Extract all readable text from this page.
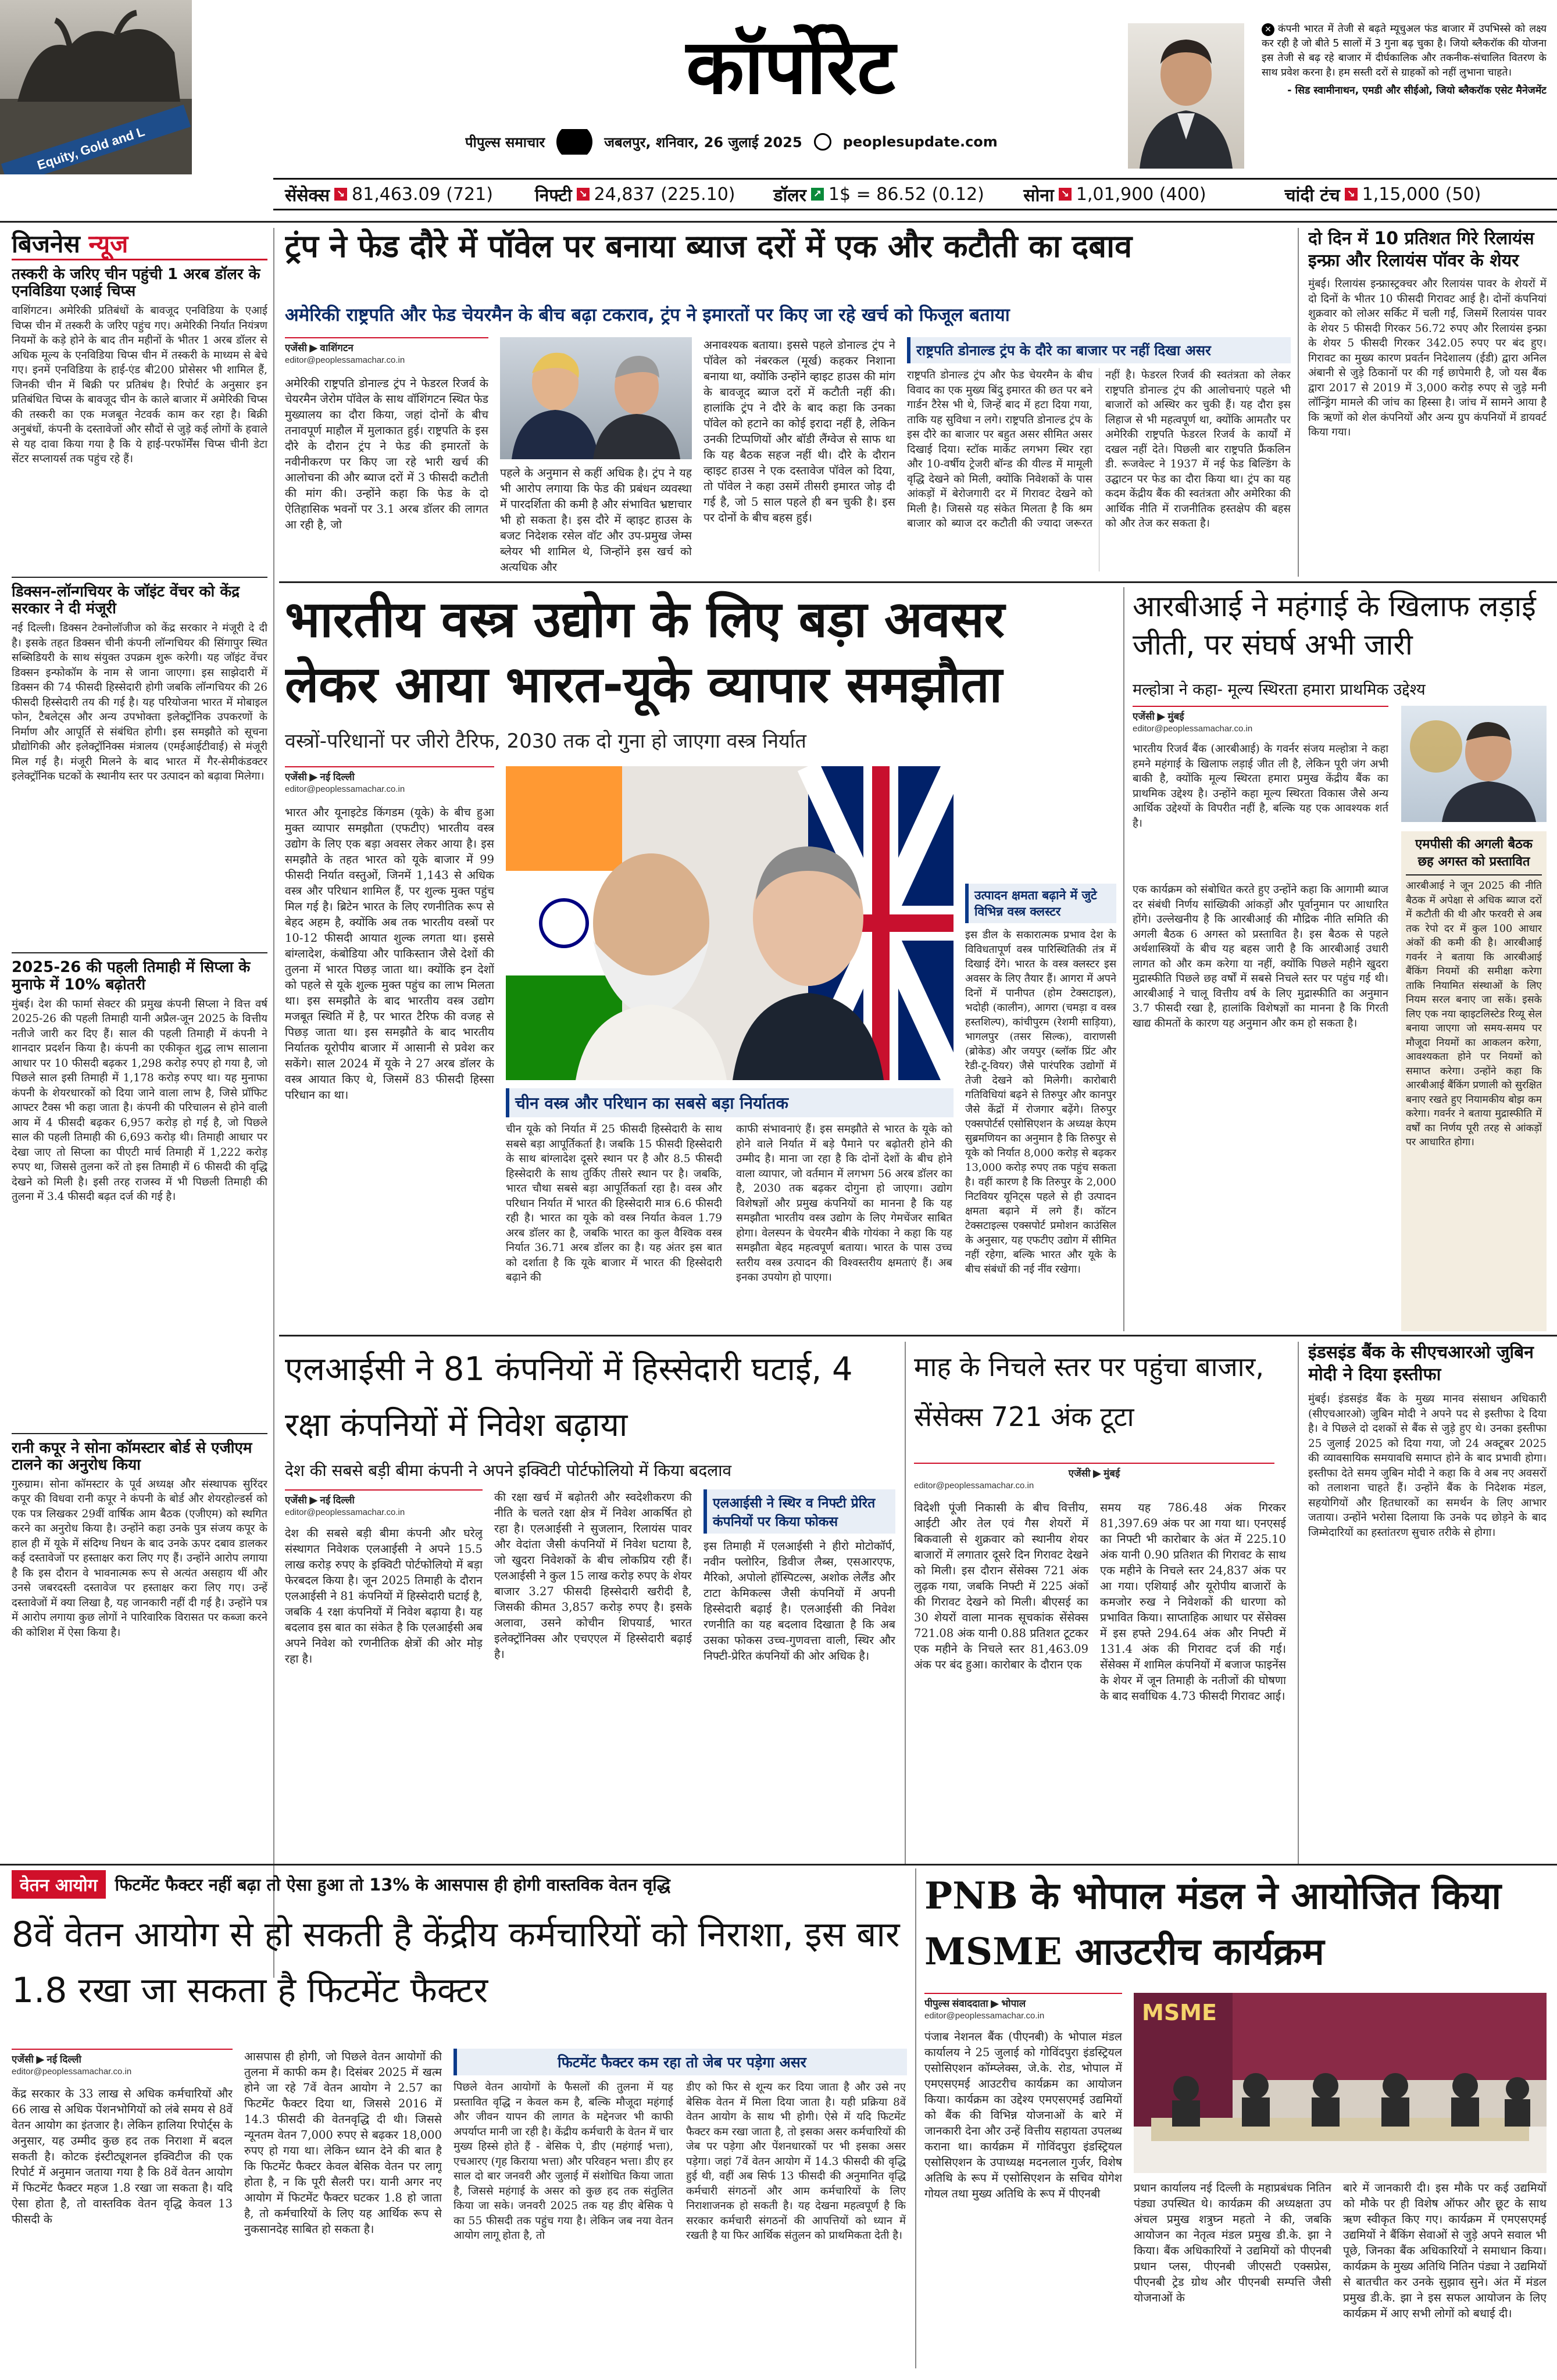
Equity, Gold and L
कॉर्पोरेट
पीपुल्स समाचार	जबलपुर, शनिवार, 26 जुलाई 2025	peoplesupdate.com
✕ कंपनी भारत में तेजी से बढ़ते म्यूचुअल फंड बाजार में उपभिस्से को लक्ष्य कर रही है जो बीते 5 सालों में 3 गुना बढ़ चुका है। जियो ब्लैकरॉक की योजना इस तेजी से बढ़ रहे बाजार में दीर्घकालिक और तकनीक-संचालित वितरण के साथ प्रवेश करना है। हम सस्ती दरों से ग्राहकों को नहीं लुभाना चाहते।
- सिड स्वामीनाथन, एमडी और सीईओ, जियो ब्लैकरॉक एसेट मैनेजमेंट
सेंसेक्स ↘ 81,463.09 (721) निफ्टी ↘ 24,837 (225.10) डॉलर ↗ 1$ = 86.52 (0.12) सोना ↘ 1,01,900 (400)	चांदी टंच ↘ 1,15,000 (50)
बिजनेस न्यूज
तस्करी के जरिए चीन पहुंची 1 अरब डॉलर के एनविडिया एआई चिप्स
वाशिंगटन। अमेरिकी प्रतिबंधों के बावजूद एनविडिया के एआई चिप्स चीन में तस्करी के जरिए पहुंच गए। अमेरिकी निर्यात नियंत्रण नियमों के कड़े होने के बाद तीन महीनों के भीतर 1 अरब डॉलर से अधिक मूल्य के एनविडिया चिप्स चीन में तस्करी के माध्यम से बेचे गए। इनमें एनविडिया के हाई-एंड बी200 प्रोसेसर भी शामिल हैं, जिनकी चीन में बिक्री पर प्रतिबंध है। रिपोर्ट के अनुसार इन प्रतिबंधित चिप्स के बावजूद चीन के काले बाजार में अमेरिकी चिप्स की तस्करी का एक मजबूत नेटवर्क काम कर रहा है। बिक्री अनुबंधों, कंपनी के दस्तावेजों और सौदों से जुड़े कई लोगों के हवाले से यह दावा किया गया है कि ये हाई-परफॉर्मेंस चिप्स चीनी डेटा सेंटर सप्लायर्स तक पहुंच रहे हैं।
डिक्सन-लॉन्गचियर के जॉइंट वेंचर को केंद्र सरकार ने दी मंजूरी
नई दिल्ली। डिक्सन टेक्नोलॉजीज को केंद्र सरकार ने मंजूरी दे दी है। इसके तहत डिक्सन चीनी कंपनी लॉन्गचियर की सिंगापुर स्थित सब्सिडियरी के साथ संयुक्त उपक्रम शुरू करेगी। यह जॉइंट वेंचर डिक्सन इन्फोकॉम के नाम से जाना जाएगा। इस साझेदारी में डिक्सन की 74 फीसदी हिस्सेदारी होगी जबकि लॉन्गचियर की 26 फीसदी हिस्सेदारी तय की गई है। यह परियोजना भारत में मोबाइल फोन, टैबलेट्स और अन्य उपभोक्ता इलेक्ट्रॉनिक उपकरणों के निर्माण और आपूर्ति से संबंधित होगी। इस समझौते को सूचना प्रौद्योगिकी और इलेक्ट्रॉनिक्स मंत्रालय (एमईआईटीवाई) से मंजूरी मिल गई है। मंजूरी मिलने के बाद भारत में गैर-सेमीकंडक्टर इलेक्ट्रॉनिक घटकों के स्थानीय स्तर पर उत्पादन को बढ़ावा मिलेगा।
2025-26 की पहली तिमाही में सिप्ला के मुनाफे में 10% बढ़ोतरी
मुंबई। देश की फार्मा सेक्टर की प्रमुख कंपनी सिप्ला ने वित्त वर्ष 2025-26 की पहली तिमाही यानी अप्रैल-जून 2025 के वित्तीय नतीजे जारी कर दिए हैं। साल की पहली तिमाही में कंपनी ने शानदार प्रदर्शन किया है। कंपनी का एकीकृत शुद्ध लाभ सालाना आधार पर 10 फीसदी बढ़कर 1,298 करोड़ रुपए हो गया है, जो पिछले साल इसी तिमाही में 1,178 करोड़ रुपए था। यह मुनाफा कंपनी के शेयरधारकों को दिया जाने वाला लाभ है, जिसे प्रॉफिट आफ्टर टैक्स भी कहा जाता है। कंपनी की परिचालन से होने वाली आय में 4 फीसदी बढ़कर 6,957 करोड़ हो गई है, जो पिछले साल की पहली तिमाही की 6,693 करोड़ थी। तिमाही आधार पर देखा जाए तो सिप्ला का पीएटी मार्च तिमाही में 1,222 करोड़ रुपए था, जिससे तुलना करें तो इस तिमाही में 6 फीसदी की वृद्धि देखने को मिली है। इसी तरह राजस्व में भी पिछली तिमाही की तुलना में 3.4 फीसदी बढ़त दर्ज की गई है।
रानी कपूर ने सोना कॉमस्टार बोर्ड से एजीएम टालने का अनुरोध किया
गुरुग्राम। सोना कॉमस्टार के पूर्व अध्यक्ष और संस्थापक सुरिंदर कपूर की विधवा रानी कपूर ने कंपनी के बोर्ड और शेयरहोल्डर्स को एक पत्र लिखकर 29वीं वार्षिक आम बैठक (एजीएम) को स्थगित करने का अनुरोध किया है। उन्होंने कहा उनके पुत्र संजय कपूर के हाल ही में यूके में संदिग्ध निधन के बाद उनके ऊपर दबाव डालकर कई दस्तावेजों पर हस्ताक्षर करा लिए गए हैं। उन्होंने आरोप लगाया है कि इस दौरान वे भावनात्मक रूप से अत्यंत असहाय थीं और उनसे जबरदस्ती दस्तावेज पर हस्ताक्षर करा लिए गए। उन्हें दस्तावेजों में क्या लिखा है, यह जानकारी नहीं दी गई है। उन्होंने पत्र में आरोप लगाया कुछ लोगों ने पारिवारिक विरासत पर कब्जा करने की कोशिश में ऐसा किया है।
ट्रंप ने फेड दौरे में पॉवेल पर बनाया ब्याज दरों में एक और कटौती का दबाव
अमेरिकी राष्ट्रपति और फेड चेयरमैन के बीच बढ़ा टकराव, ट्रंप ने इमारतों पर किए जा रहे खर्च को फिजूल बताया
एजेंसी ▶ वाशिंगटन
editor@peoplessamachar.co.in
अमेरिकी राष्ट्रपति डोनाल्ड ट्रंप ने फेडरल रिजर्व के चेयरमैन जेरोम पॉवेल के साथ वॉशिंगटन स्थित फेड मुख्यालय का दौरा किया, जहां दोनों के बीच तनावपूर्ण माहौल में मुलाकात हुई। राष्ट्रपति के इस दौरे के दौरान ट्रंप ने फेड की इमारतों के नवीनीकरण पर किए जा रहे भारी खर्च की आलोचना की और ब्याज दरों में 3 फीसदी कटौती की मांग की। उन्होंने कहा कि फेड के दो ऐतिहासिक भवनों पर 3.1 अरब डॉलर की लागत आ रही है, जो
पहले के अनुमान से कहीं अधिक है। ट्रंप ने यह भी आरोप लगाया कि फेड की प्रबंधन व्यवस्था में पारदर्शिता की कमी है और संभावित भ्रष्टाचार भी हो सकता है। इस दौरे में व्हाइट हाउस के बजट निदेशक रसेल वॉट और उप-प्रमुख जेम्स ब्लेयर भी शामिल थे, जिन्होंने इस खर्च को अत्यधिक और
अनावश्यक बताया। इससे पहले डोनाल्ड ट्रंप ने पॉवेल को नंबरकल (मूर्ख) कहकर निशाना बनाया था, क्योंकि उन्होंने व्हाइट हाउस की मांग के बावजूद ब्याज दरों में कटौती नहीं की। हालांकि ट्रंप ने दौरे के बाद कहा कि उनका पॉवेल को हटाने का कोई इरादा नहीं है, लेकिन उनकी टिप्पणियों और बॉडी लैंग्वेज से साफ था कि यह बैठक सहज नहीं थी। दौरे के दौरान व्हाइट हाउस ने एक दस्तावेज पॉवेल को दिया, तो पॉवेल ने कहा उसमें तीसरी इमारत जोड़ दी गई है, जो 5 साल पहले ही बन चुकी है। इस पर दोनों के बीच बहस हुई।
राष्ट्रपति डोनाल्ड ट्रंप के दौरे का बाजार पर नहीं दिखा असर
राष्ट्रपति डोनाल्ड ट्रंप और फेड चेयरमैन के बीच विवाद का एक मुख्य बिंदु इमारत की छत पर बने गार्डन टैरेस भी थे, जिन्हें बाद में हटा दिया गया, ताकि यह सुविधा न लगे। राष्ट्रपति डोनाल्ड ट्रंप के इस दौरे का बाजार पर बहुत असर सीमित असर दिखाई दिया। स्टॉक मार्केट लगभग स्थिर रहा और 10-वर्षीय ट्रेजरी बॉन्ड की यील्ड में मामूली वृद्धि देखने को मिली, क्योंकि निवेशकों के पास आंकड़ों में बेरोजगारी दर में गिरावट देखने को मिली है। जिससे यह संकेत मिलता है कि श्रम बाजार को ब्याज दर कटौती की ज्यादा जरूरत नहीं है। फेडरल रिजर्व की स्वतंत्रता को लेकर राष्ट्रपति डोनाल्ड ट्रंप की आलोचनाएं पहले भी बाजारों को अस्थिर कर चुकी हैं। यह दौरा इस लिहाज से भी महत्वपूर्ण था, क्योंकि आमतौर पर अमेरिकी राष्ट्रपति फेडरल रिजर्व के कार्यों में दखल नहीं देते। पिछली बार राष्ट्रपति फ्रैंकलिन डी. रूजवेल्ट ने 1937 में नई फेड बिल्डिंग के उद्घाटन पर फेड का दौरा किया था। ट्रंप का यह कदम केंद्रीय बैंक की स्वतंत्रता और अमेरिका की आर्थिक नीति में राजनीतिक हस्तक्षेप की बहस को और तेज कर सकता है।
दो दिन में 10 प्रतिशत गिरे रिलायंस इन्फ्रा और रिलायंस पॉवर के शेयर
मुंबई। रिलायंस इन्फ्रास्ट्रक्चर और रिलायंस पावर के शेयरों में दो दिनों के भीतर 10 फीसदी गिरावट आई है। दोनों कंपनियां शुक्रवार को लोअर सर्किट में चली गईं, जिसमें रिलायंस पावर के शेयर 5 फीसदी गिरकर 56.72 रुपए और रिलायंस इन्फ्रा के शेयर 5 फीसदी गिरकर 342.05 रुपए पर बंद हुए। गिरावट का मुख्य कारण प्रवर्तन निदेशालय (ईडी) द्वारा अनिल अंबानी से जुड़े ठिकानों पर की गई छापेमारी है, जो यस बैंक द्वारा 2017 से 2019 में 3,000 करोड़ रुपए से जुड़े मनी लॉन्ड्रिंग मामले की जांच का हिस्सा है। जांच में सामने आया है कि ऋणों को शेल कंपनियों और अन्य ग्रुप कंपनियों में डायवर्ट किया गया।
भारतीय वस्त्र उद्योग के लिए बड़ा अवसर लेकर आया भारत-यूके व्यापार समझौता
वस्त्रों-परिधानों पर जीरो टैरिफ, 2030 तक दो गुना हो जाएगा वस्त्र निर्यात
एजेंसी ▶ नई दिल्ली
editor@peoplessamachar.co.in
भारत और यूनाइटेड किंगडम (यूके) के बीच हुआ मुक्त व्यापार समझौता (एफटीए) भारतीय वस्त्र उद्योग के लिए एक बड़ा अवसर लेकर आया है। इस समझौते के तहत भारत को यूके बाजार में 99 फीसदी निर्यात वस्तुओं, जिनमें 1,143 से अधिक वस्त्र और परिधान शामिल हैं, पर शुल्क मुक्त पहुंच मिल गई है। ब्रिटेन भारत के लिए रणनीतिक रूप से बेहद अहम है, क्योंकि अब तक भारतीय वस्त्रों पर 10-12 फीसदी आयात शुल्क लगता था। इससे बांग्लादेश, कंबोडिया और पाकिस्तान जैसे देशों की तुलना में भारत पिछड़ जाता था। क्योंकि इन देशों को पहले से यूके शुल्क मुक्त पहुंच का लाभ मिलता था। इस समझौते के बाद भारतीय वस्त्र उद्योग मजबूत स्थिति में है, पर भारत टैरिफ की वजह से पिछड़ जाता था। इस समझौते के बाद भारतीय निर्यातक यूरोपीय बाजार में आसानी से प्रवेश कर सकेंगे। साल 2024 में यूके ने 27 अरब डॉलर के वस्त्र आयात किए थे, जिसमें 83 फीसदी हिस्सा परिधान का था।	चीन वस्त्र और परिधान का सबसे बड़ा निर्यातक
चीन यूके को निर्यात में 25 फीसदी हिस्सेदारी के साथ सबसे बड़ा आपूर्तिकर्ता है। जबकि 15 फीसदी हिस्सेदारी के साथ बांग्लादेश दूसरे स्थान पर है और 8.5 फीसदी हिस्सेदारी के साथ तुर्किए तीसरे स्थान पर है। जबकि, भारत चौथा सबसे बड़ा आपूर्तिकर्ता रहा है। वस्त्र और परिधान निर्यात में भारत की हिस्सेदारी मात्र 6.6 फीसदी रही है। भारत का यूके को वस्त्र निर्यात केवल 1.79 अरब डॉलर का है, जबकि भारत का कुल वैश्विक वस्त्र निर्यात 36.71 अरब डॉलर का है। यह अंतर इस बात को दर्शाता है कि यूके बाजार में भारत की हिस्सेदारी बढ़ाने की
काफी संभावनाएं हैं। इस समझौते से भारत के यूके को होने वाले निर्यात में बड़े पैमाने पर बढ़ोतरी होने की उम्मीद है। माना जा रहा है कि दोनों देशों के बीच होने वाला व्यापार, जो वर्तमान में लगभग 56 अरब डॉलर का है, 2030 तक बढ़कर दोगुना हो जाएगा। उद्योग विशेषज्ञों और प्रमुख कंपनियों का मानना है कि यह समझौता भारतीय वस्त्र उद्योग के लिए गेमचेंजर साबित होगा। वेलस्पन के चेयरमैन बीके गोयंका ने कहा कि यह समझौता बेहद महत्वपूर्ण बताया। भारत के पास उच्च स्तरीय वस्त्र उत्पादन की विश्वस्तरीय क्षमताएं हैं। अब इनका उपयोग हो पाएगा।
उत्पादन क्षमता बढ़ाने में जुटे विभिन्न वस्त्र क्लस्टर
इस डील के सकारात्मक प्रभाव देश के विविधतापूर्ण वस्त्र पारिस्थितिकी तंत्र में दिखाई देंगे। भारत के वस्त्र क्लस्टर इस अवसर के लिए तैयार हैं। आगरा में अपने दिनों में पानीपत (होम टेक्सटाइल), भदोही (कालीन), आगरा (चमड़ा व वस्त्र हस्तशिल्प), कांचीपुरम (रेशमी साड़िया), भागलपुर (तसर सिल्क), वाराणसी (ब्रोकेड) और जयपुर (ब्लॉक प्रिंट और रेडी-टू-वियर) जैसे पारंपरिक उद्योगों में तेजी देखने को मिलेगी। कारोबारी गतिविधियां बढ़ने से तिरुपुर और कानपुर जैसे केंद्रों में रोजगार बढ़ेंगे। तिरुपुर एक्सपोर्टर्स एसोसिएशन के अध्यक्ष केएम सुब्रमणियन का अनुमान है कि तिरुपुर से यूके को निर्यात 8,000 करोड़ से बढ़कर 13,000 करोड़ रुपए तक पहुंच सकता है। वहीं कारण है कि तिरुपुर के 2,000 निटवियर यूनिट्स पहले से ही उत्पादन क्षमता बढ़ाने में लगे हैं। कॉटन टेक्सटाइल्स एक्सपोर्ट प्रमोशन काउंसिल के अनुसार, यह एफटीए उद्योग में सीमित नहीं रहेगा, बल्कि भारत और यूके के बीच संबंधों की नई नींव रखेगा।
आरबीआई ने महंगाई के खिलाफ लड़ाई जीती, पर संघर्ष अभी जारी
मल्होत्रा ने कहा- मूल्य स्थिरता हमारा प्राथमिक उद्देश्य
एजेंसी ▶ मुंबई
editor@peoplessamachar.co.in
भारतीय रिजर्व बैंक (आरबीआई) के गवर्नर संजय मल्होत्रा ने कहा हमने महंगाई के खिलाफ लड़ाई जीत ली है, लेकिन पूरी जंग अभी बाकी है, क्योंकि मूल्य स्थिरता हमारा प्रमुख केंद्रीय बैंक का प्राथमिक उद्देश्य है। उन्होंने कहा मूल्य स्थिरता विकास जैसे अन्य आर्थिक उद्देश्यों के विपरीत नहीं है, बल्कि यह एक आवश्यक शर्त है।
एमपीसी की अगली बैठक छह अगस्त को प्रस्तावित
आरबीआई ने जून 2025 की नीति बैठक में अपेक्षा से अधिक ब्याज दरों में कटौती की थी और फरवरी से अब तक रेपो दर में कुल 100 आधार अंकों की कमी की है। आरबीआई गवर्नर ने बताया कि आरबीआई बैंकिंग नियमों की समीक्षा करेगा ताकि नियामित संस्थाओं के लिए नियम सरल बनाए जा सकें। इसके लिए एक नया व्हाइटलिस्टेड रिव्यू सेल बनाया जाएगा जो समय-समय पर मौजूदा नियमों का आकलन करेगा, आवश्यकता होने पर नियमों को समाप्त करेगा। उन्होंने कहा कि आरबीआई बैंकिंग प्रणाली को सुरक्षित बनाए रखते हुए नियामकीय बोझ कम करेगा। गवर्नर ने बताया मुद्रास्फीति में वर्षों का निर्णय पूरी तरह से आंकड़ों पर आधारित होगा।
एक कार्यक्रम को संबोधित करते हुए उन्होंने कहा कि आगामी ब्याज दर संबंधी निर्णय सांख्यिकी आंकड़ों और पूर्वानुमान पर आधारित होंगे। उल्लेखनीय है कि आरबीआई की मौद्रिक नीति समिति की अगली बैठक 6 अगस्त को प्रस्तावित है। इस बैठक से पहले अर्थशास्त्रियों के बीच यह बहस जारी है कि आरबीआई उधारी लागत को और कम करेगा या नहीं, क्योंकि पिछले महीने खुदरा मुद्रास्फीति पिछले छह वर्षों में सबसे निचले स्तर पर पहुंच गई थी। आरबीआई ने चालू वित्तीय वर्ष के लिए मुद्रास्फीति का अनुमान 3.7 फीसदी रखा है, हालांकि विशेषज्ञों का मानना है कि गिरती खाद्य कीमतों के कारण यह अनुमान और कम हो सकता है।
एलआईसी ने 81 कंपनियों में हिस्सेदारी घटाई, 4 रक्षा कंपनियों में निवेश बढ़ाया
देश की सबसे बड़ी बीमा कंपनी ने अपने इक्विटी पोर्टफोलियो में किया बदलाव
एजेंसी ▶ नई दिल्ली
editor@peoplessamachar.co.in
देश की सबसे बड़ी बीमा कंपनी और घरेलू संस्थागत निवेशक एलआईसी ने अपने 15.5 लाख करोड़ रुपए के इक्विटी पोर्टफोलियो में बड़ा फेरबदल किया है। जून 2025 तिमाही के दौरान एलआईसी ने 81 कंपनियों में हिस्सेदारी घटाई है, जबकि 4 रक्षा कंपनियों में निवेश बढ़ाया है। यह बदलाव इस बात का संकेत है कि एलआईसी अब अपने निवेश को रणनीतिक क्षेत्रों की ओर मोड़ रहा है।
की रक्षा खर्च में बढ़ोतरी और स्वदेशीकरण की नीति के चलते रक्षा क्षेत्र में निवेश आकर्षित हो रहा है। एलआईसी ने सुजलान, रिलायंस पावर और वेदांता जैसी कंपनियों में निवेश घटाया है, जो खुदरा निवेशकों के बीच लोकप्रिय रही हैं। एलआईसी ने कुल 15 लाख करोड़ रुपए के शेयर बाजार 3.27 फीसदी हिस्सेदारी खरीदी है, जिसकी कीमत 3,857 करोड़ रुपए है। इसके अलावा, उसने कोचीन शिपयार्ड, भारत इलेक्ट्रॉनिक्स और एचएएल में हिस्सेदारी बढ़ाई है।
एलआईसी ने स्थिर व निफ्टी प्रेरित कंपनियों पर किया फोकस
इस तिमाही में एलआईसी ने हीरो मोटोकॉर्प, नवीन फ्लोरिन, डिवीज लैब्स, एसआरएफ, मैरिको, अपोलो हॉस्पिटल्स, अशोक लेलैंड और टाटा केमिकल्स जैसी कंपनियों में अपनी हिस्सेदारी बढ़ाई है। एलआईसी की निवेश रणनीति का यह बदलाव दिखाता है कि अब उसका फोकस उच्च-गुणवत्ता वाली, स्थिर और निफ्टी-प्रेरित कंपनियों की ओर अधिक है।
माह के निचले स्तर पर पहुंचा बाजार, सेंसेक्स 721 अंक टूटा
एजेंसी ▶ मुंबई
editor@peoplessamachar.co.in
विदेशी पूंजी निकासी के बीच वित्तीय, आईटी और तेल एवं गैस शेयरों में बिकवाली से शुक्रवार को स्थानीय शेयर बाजारों में लगातार दूसरे दिन गिरावट देखने को मिली। इस दौरान सेंसेक्स 721 अंक लुढ़क गया, जबकि निफ्टी में 225 अंकों की गिरावट देखने को मिली। बीएसई का 30 शेयरों वाला मानक सूचकांक सेंसेक्स 721.08 अंक यानी 0.88 प्रतिशत टूटकर एक महीने के निचले स्तर 81,463.09 अंक पर बंद हुआ। कारोबार के दौरान एक
समय यह 786.48 अंक गिरकर 81,397.69 अंक पर आ गया था। एनएसई का निफ्टी भी कारोबार के अंत में 225.10 अंक यानी 0.90 प्रतिशत की गिरावट के साथ एक महीने के निचले स्तर 24,837 अंक पर आ गया। एशियाई और यूरोपीय बाजारों के कमजोर रुख ने निवेशकों की धारणा को प्रभावित किया। साप्ताहिक आधार पर सेंसेक्स में इस हफ्ते 294.64 अंक और निफ्टी में 131.4 अंक की गिरावट दर्ज की गई। सेंसेक्स में शामिल कंपनियों में बजाज फाइनेंस के शेयर में जून तिमाही के नतीजों की घोषणा के बाद सर्वाधिक 4.73 फीसदी गिरावट आई।
इंडसइंड बैंक के सीएचआरओ जुबिन मोदी ने दिया इस्तीफा
मुंबई। इंडसइंड बैंक के मुख्य मानव संसाधन अधिकारी (सीएचआरओ) जुबिन मोदी ने अपने पद से इस्तीफा दे दिया है। वे पिछले दो दशकों से बैंक से जुड़े हुए थे। उनका इस्तीफा 25 जुलाई 2025 को दिया गया, जो 24 अक्टूबर 2025 की व्यावसायिक समयावधि समाप्त होने के बाद प्रभावी होगा। इस्तीफा देते समय जुबिन मोदी ने कहा कि वे अब नए अवसरों को तलाशना चाहते हैं। उन्होंने बैंक के निदेशक मंडल, सहयोगियों और हितधारकों का समर्थन के लिए आभार जताया। उन्होंने भरोसा दिलाया कि उनके पद छोड़ने के बाद जिम्मेदारियों का हस्तांतरण सुचारु तरीके से होगा।
वेतन आयोग	फिटमेंट फैक्टर नहीं बढ़ा तो ऐसा हुआ तो 13% के आसपास ही होगी वास्तविक वेतन वृद्धि
8वें वेतन आयोग से हो सकती है केंद्रीय कर्मचारियों को निराशा, इस बार 1.8 रखा जा सकता है फिटमेंट फैक्टर
एजेंसी ▶ नई दिल्ली
editor@peoplessamachar.co.in
केंद्र सरकार के 33 लाख से अधिक कर्मचारियों और 66 लाख से अधिक पेंशनभोगियों को लंबे समय से 8वें वेतन आयोग का इंतजार है। लेकिन हालिया रिपोर्ट्स के अनुसार, यह उम्मीद कुछ हद तक निराशा में बदल सकती है। कोटक इंस्टीट्यूशनल इक्विटीज की एक रिपोर्ट में अनुमान जताया गया है कि 8वें वेतन आयोग में फिटमेंट फैक्टर महज 1.8 रखा जा सकता है। यदि ऐसा होता है, तो वास्तविक वेतन वृद्धि केवल 13 फीसदी के
आसपास ही होगी, जो पिछले वेतन आयोगों की तुलना में काफी कम है। दिसंबर 2025 में खत्म होने जा रहे 7वें वेतन आयोग ने 2.57 का फिटमेंट फैक्टर दिया था, जिससे 2016 में 14.3 फीसदी की वेतनवृद्धि दी थी। जिससे न्यूनतम वेतन 7,000 रुपए से बढ़कर 18,000 रुपए हो गया था। लेकिन ध्यान देने की बात है कि फिटमेंट फैक्टर केवल बेसिक वेतन पर लागू होता है, न कि पूरी सैलरी पर। यानी अगर नए आयोग में फिटमेंट फैक्टर घटकर 1.8 हो जाता है, तो कर्मचारियों के लिए यह आर्थिक रूप से नुकसानदेह साबित हो सकता है।
फिटमेंट फैक्टर कम रहा तो जेब पर पड़ेगा असर
पिछले वेतन आयोगों के फैसलों की तुलना में यह प्रस्तावित वृद्धि न केवल कम है, बल्कि मौजूदा महंगाई और जीवन यापन की लागत के मद्देनजर भी काफी अपर्याप्त मानी जा रही है। केंद्रीय कर्मचारी के वेतन में चार मुख्य हिस्से होते हैं - बेसिक पे, डीए (महंगाई भत्ता), एचआरए (गृह किराया भत्ता) और परिवहन भत्ता। डीए हर साल दो बार जनवरी और जुलाई में संशोधित किया जाता है, जिससे महंगाई के असर को कुछ हद तक संतुलित किया जा सके। जनवरी 2025 तक यह डीए बेसिक पे का 55 फीसदी तक पहुंच गया है। लेकिन जब नया वेतन आयोग लागू होता है, तो
डीए को फिर से शून्य कर दिया जाता है और उसे नए बेसिक वेतन में मिला दिया जाता है। यही प्रक्रिया 8वें वेतन आयोग के साथ भी होगी। ऐसे में यदि फिटमेंट फैक्टर कम रखा जाता है, तो इसका असर कर्मचारियों की जेब पर पड़ेगा और पेंशनधारकों पर भी इसका असर पड़ेगा। जहां 7वें वेतन आयोग में 14.3 फीसदी की वृद्धि हुई थी, वहीं अब सिर्फ 13 फीसदी की अनुमानित वृद्धि कर्मचारी संगठनों और आम कर्मचारियों के लिए निराशाजनक हो सकती है। यह देखना महत्वपूर्ण है कि सरकार कर्मचारी संगठनों की आपत्तियों को ध्यान में रखती है या फिर आर्थिक संतुलन को प्राथमिकता देती है।
PNB के भोपाल मंडल ने आयोजित किया MSME आउटरीच कार्यक्रम
पीपुल्स संवाददाता ▶ भोपाल
editor@peoplessamachar.co.in
पंजाब नेशनल बैंक (पीएनबी) के भोपाल मंडल कार्यालय ने 25 जुलाई को गोविंदपुरा इंडस्ट्रियल एसोसिएशन कॉम्प्लेक्स, जे.के. रोड, भोपाल में एमएसएमई आउटरीच कार्यक्रम का आयोजन किया। कार्यक्रम का उद्देश्य एमएसएमई उद्यमियों को बैंक की विभिन्न योजनाओं के बारे में जानकारी देना और उन्हें वित्तीय सहायता उपलब्ध कराना था। कार्यक्रम में गोविंदपुरा इंडस्ट्रियल एसोसिएशन के उपाध्यक्ष मदनलाल गुर्जर, विशेष अतिथि के रूप में एसोसिएशन के सचिव योगेश गोयल तथा मुख्य अतिथि के रूप में पीएनबी
MSME
प्रधान कार्यालय नई दिल्ली के महाप्रबंधक नितिन पंड्या उपस्थित थे। कार्यक्रम की अध्यक्षता उप अंचल प्रमुख शत्रुघ्न महतो ने की, जबकि आयोजन का नेतृत्व मंडल प्रमुख डी.के. झा ने किया। बैंक अधिकारियों ने उद्यमियों को पीएनबी प्रधान प्लस, पीएनबी जीएसटी एक्सप्रेस, पीएनबी ट्रेड ग्रोथ और पीएनबी सम्पत्ति जैसी योजनाओं के
बारे में जानकारी दी। इस मौके पर कई उद्यमियों को मौके पर ही विशेष ऑफर और छूट के साथ ऋण स्वीकृत किए गए। कार्यक्रम में एमएसएमई उद्यमियों ने बैंकिंग सेवाओं से जुड़े अपने सवाल भी पूछे, जिनका बैंक अधिकारियों ने समाधान किया। कार्यक्रम के मुख्य अतिथि नितिन पंड्या ने उद्यमियों से बातचीत कर उनके सुझाव सुने। अंत में मंडल प्रमुख डी.के. झा ने इस सफल आयोजन के लिए कार्यक्रम में आए सभी लोगों को बधाई दी।
